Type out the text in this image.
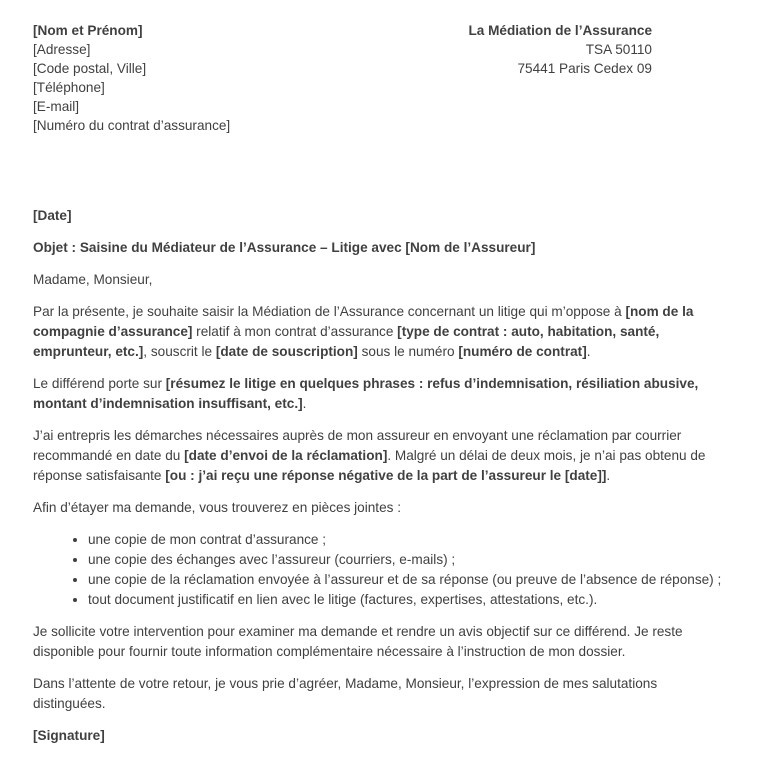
[Nom et Prénom]
[Adresse]
[Code postal, Ville]
[Téléphone]
[E-mail]
[Numéro du contrat d’assurance]
La Médiation de l’Assurance
TSA 50110
75441 Paris Cedex 09
[Date]
Objet : Saisine du Médiateur de l’Assurance – Litige avec [Nom de l’Assureur]
Madame, Monsieur,
Par la présente, je souhaite saisir la Médiation de l’Assurance concernant un litige qui m’oppose à [nom de la compagnie d’assurance] relatif à mon contrat d’assurance [type de contrat : auto, habitation, santé, emprunteur, etc.], souscrit le [date de souscription] sous le numéro [numéro de contrat].
Le différend porte sur [résumez le litige en quelques phrases : refus d’indemnisation, résiliation abusive, montant d’indemnisation insuffisant, etc.].
J’ai entrepris les démarches nécessaires auprès de mon assureur en envoyant une réclamation par courrier recommandé en date du [date d’envoi de la réclamation]. Malgré un délai de deux mois, je n’ai pas obtenu de réponse satisfaisante [ou : j’ai reçu une réponse négative de la part de l’assureur le [date]].
Afin d’étayer ma demande, vous trouverez en pièces jointes :
• une copie de mon contrat d’assurance ;
• une copie des échanges avec l’assureur (courriers, e-mails) ;
• une copie de la réclamation envoyée à l’assureur et de sa réponse (ou preuve de l’absence de réponse) ;
• tout document justificatif en lien avec le litige (factures, expertises, attestations, etc.).
Je sollicite votre intervention pour examiner ma demande et rendre un avis objectif sur ce différend. Je reste disponible pour fournir toute information complémentaire nécessaire à l’instruction de mon dossier.
Dans l’attente de votre retour, je vous prie d’agréer, Madame, Monsieur, l’expression de mes salutations distinguées.
[Signature]
